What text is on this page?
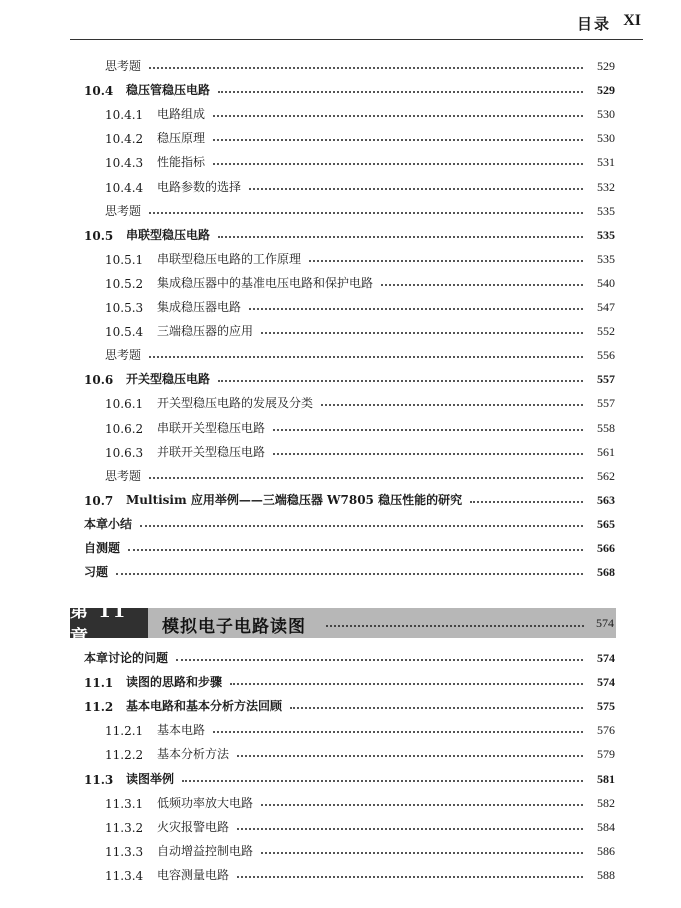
目录 XI
思考题	529
10.4	稳压管稳压电路	529
10.4.1	电路组成	530
10.4.2	稳压原理	530
10.4.3	性能指标	531
10.4.4	电路参数的选择	532
思考题	535
10.5	串联型稳压电路	535
10.5.1	串联型稳压电路的工作原理	535
10.5.2	集成稳压器中的基准电压电路和保护电路	540
10.5.3	集成稳压器电路	547
10.5.4	三端稳压器的应用	552
思考题	556
10.6	开关型稳压电路	557
10.6.1	开关型稳压电路的发展及分类	557
10.6.2	串联开关型稳压电路	558
10.6.3	并联开关型稳压电路	561
思考题	562
10.7	Multisim 应用举例——三端稳压器 W7805 稳压性能的研究	563
本章小结	565
自测题	566
习题	568
第 11 章	模拟电子电路读图	574
本章讨论的问题	574
11.1	读图的思路和步骤	574
11.2	基本电路和基本分析方法回顾	575
11.2.1	基本电路	576
11.2.2	基本分析方法	579
11.3	读图举例	581
11.3.1	低频功率放大电路	582
11.3.2	火灾报警电路	584
11.3.3	自动增益控制电路	586
11.3.4	电容测量电路	588
